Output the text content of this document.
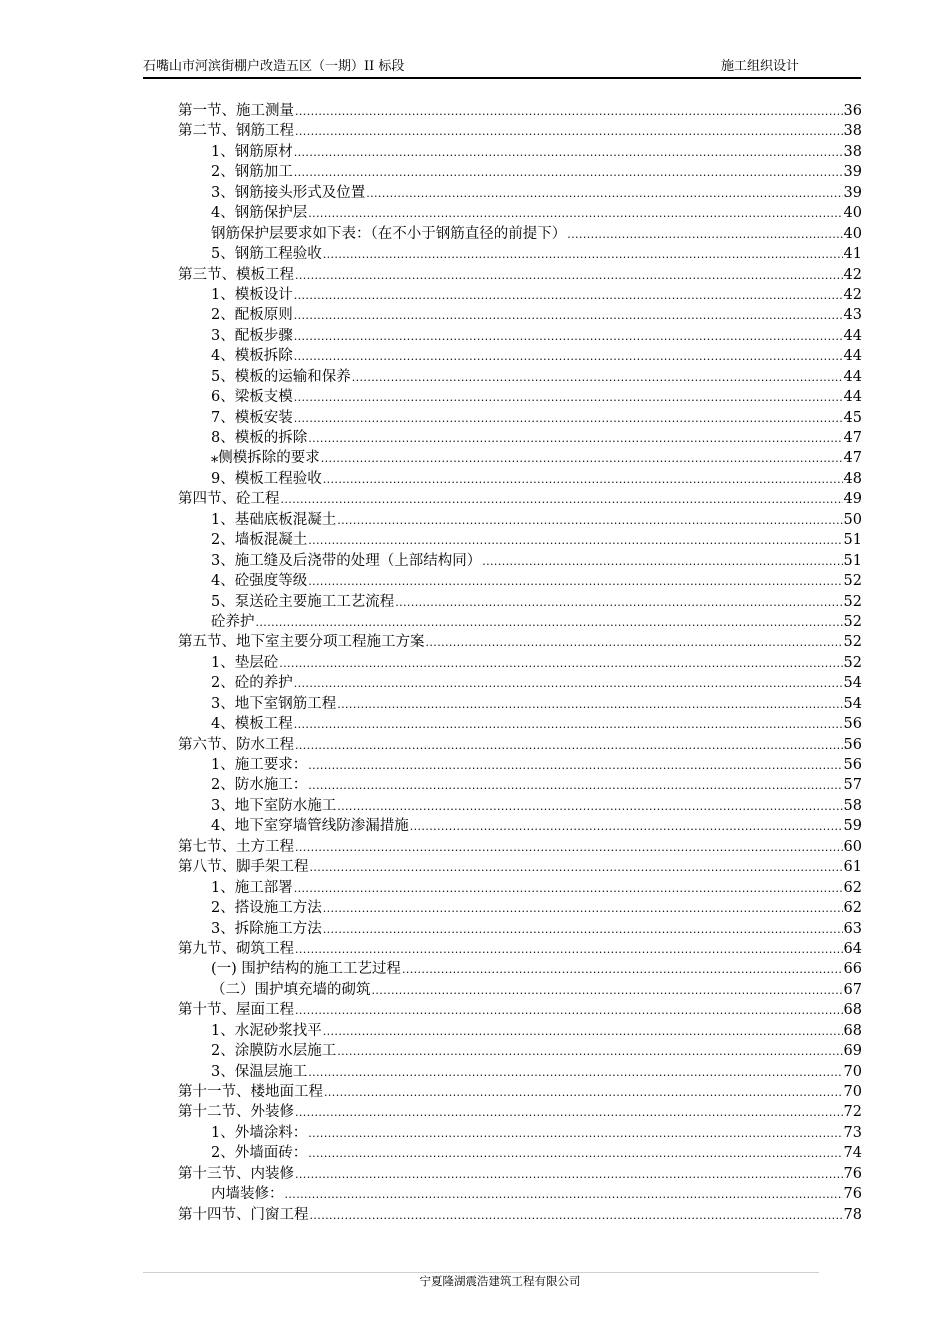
石嘴山市河滨街棚户改造五区（一期）II 标段	施工组织设计
第一节、施工测量 .....	36
第二节、钢筋工程 .....	38
1、钢筋原材 .....	38
2、钢筋加工 .....	39
3、钢筋接头形式及位置 .....	39
4、钢筋保护层 .....	40
钢筋保护层要求如下表：（在不小于钢筋直径的前提下） .....	40
5、钢筋工程验收 .....	41
第三节、模板工程 .....	42
1、模板设计 .....	42
2、配板原则 .....	43
3、配板步骤 .....	44
4、模板拆除 .....	44
5、模板的运输和保养 .....	44
6、梁板支模 .....	44
7、模板安装 .....	45
8、模板的拆除 .....	47
⁎侧模拆除的要求 .....	47
9、模板工程验收 .....	48
第四节、砼工程 .....	49
1、基础底板混凝土 .....	50
2、墙板混凝土 .....	51
3、施工缝及后浇带的处理（上部结构同） .....	51
4、砼强度等级 .....	52
5、泵送砼主要施工工艺流程 .....	52
砼养护 .....	52
第五节、地下室主要分项工程施工方案 .....	52
1、垫层砼 .....	52
2、砼的养护 .....	54
3、地下室钢筋工程 .....	54
4、模板工程 .....	56
第六节、防水工程 .....	56
1、施工要求： .....	56
2、防水施工： .....	57
3、地下室防水施工 .....	58
4、地下室穿墙管线防渗漏措施 .....	59
第七节、土方工程 .....	60
第八节、脚手架工程 .....	61
1、施工部署 .....	62
2、搭设施工方法 .....	62
3、拆除施工方法 .....	63
第九节、砌筑工程 .....	64
(一) 围护结构的施工工艺过程 .....	66
（二）围护填充墙的砌筑 .....	67
第十节、屋面工程 .....	68
1、水泥砂浆找平 .....	68
2、涂膜防水层施工 .....	69
3、保温层施工 .....	70
第十一节、楼地面工程 .....	70
第十二节、外装修 .....	72
1、外墙涂料： .....	73
2、外墙面砖： .....	74
第十三节、内装修 .....	76
内墙装修： .....	76
第十四节、门窗工程 .....	78
宁夏隆湖震浩建筑工程有限公司
